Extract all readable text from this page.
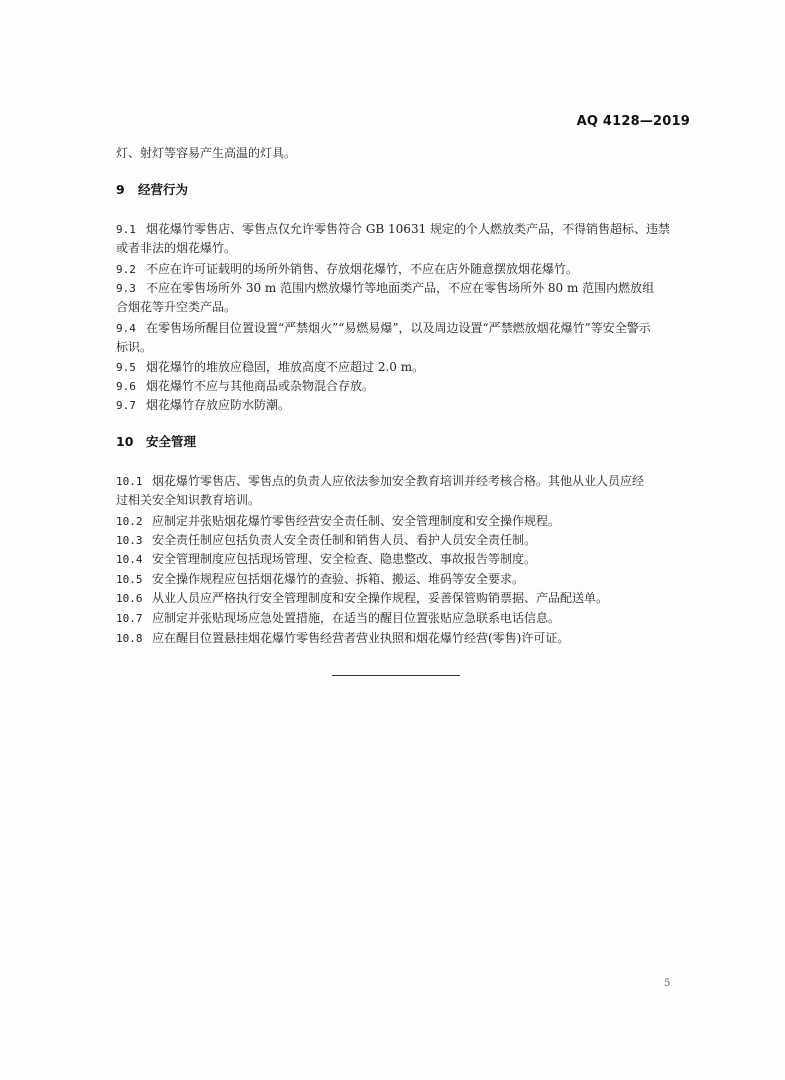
AQ 4128—2019
灯、射灯等容易产生高温的灯具。
9 经营行为
9.1 烟花爆竹零售店、零售点仅允许零售符合 GB 10631 规定的个人燃放类产品，不得销售超标、违禁
或者非法的烟花爆竹。
9.2 不应在许可证载明的场所外销售、存放烟花爆竹，不应在店外随意摆放烟花爆竹。
9.3 不应在零售场所外 30 m 范围内燃放爆竹等地面类产品，不应在零售场所外 80 m 范围内燃放组
合烟花等升空类产品。
9.4 在零售场所醒目位置设置“严禁烟火”“易燃易爆”，以及周边设置“严禁燃放烟花爆竹”等安全警示
标识。
9.5 烟花爆竹的堆放应稳固，堆放高度不应超过 2.0 m。
9.6 烟花爆竹不应与其他商品或杂物混合存放。
9.7 烟花爆竹存放应防水防潮。
10 安全管理
10.1 烟花爆竹零售店、零售点的负责人应依法参加安全教育培训并经考核合格。其他从业人员应经
过相关安全知识教育培训。
10.2 应制定并张贴烟花爆竹零售经营安全责任制、安全管理制度和安全操作规程。
10.3 安全责任制应包括负责人安全责任制和销售人员、看护人员安全责任制。
10.4 安全管理制度应包括现场管理、安全检查、隐患整改、事故报告等制度。
10.5 安全操作规程应包括烟花爆竹的查验、拆箱、搬运、堆码等安全要求。
10.6 从业人员应严格执行安全管理制度和安全操作规程，妥善保管购销票据、产品配送单。
10.7 应制定并张贴现场应急处置措施，在适当的醒目位置张贴应急联系电话信息。
10.8 应在醒目位置悬挂烟花爆竹零售经营者营业执照和烟花爆竹经营(零售)许可证。
5
